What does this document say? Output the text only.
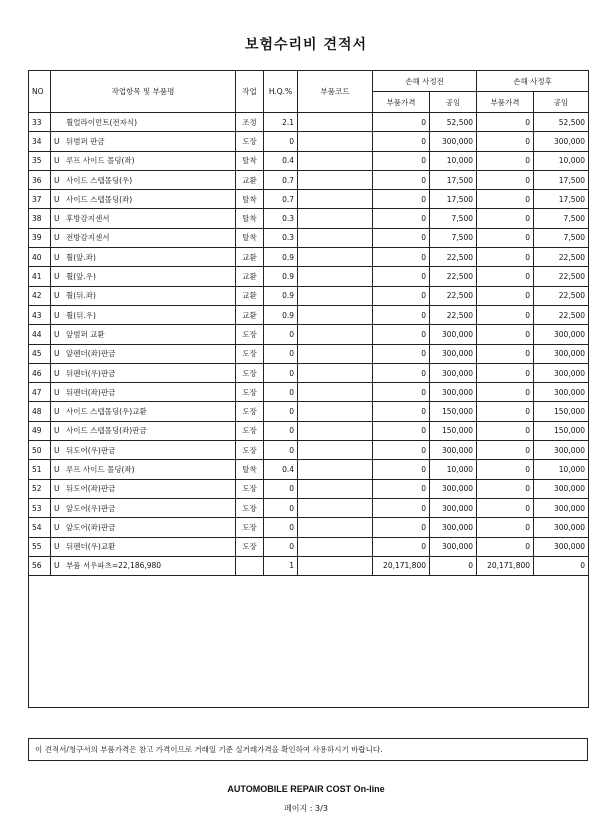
보험수리비 견적서
NO	작업항목 및 부품명	작업	H.Q.%	부품코드	손해 사정전		손해 사정후	
					부품가격	공임	부품가격	공임
33	휠얼라이먼트(전자식)	조정	2.1		0	52,500	0	52,500
34	U 뒤범퍼 판금	도장	0		0	300,000	0	300,000
35	U 루프 사이드 몰딩(좌)	탈착	0.4		0	10,000	0	10,000
36	U 사이드 스텝몰딩(우)	교환	0.7		0	17,500	0	17,500
37	U 사이드 스텝몰딩(좌)	탈착	0.7		0	17,500	0	17,500
38	U 후방감지센서	탈착	0.3		0	7,500	0	7,500
39	U 전방감지센서	탈착	0.3		0	7,500	0	7,500
40	U 휠(앞.좌)	교환	0.9		0	22,500	0	22,500
41	U 휠(앞.우)	교환	0.9		0	22,500	0	22,500
42	U 휠(뒤.좌)	교환	0.9		0	22,500	0	22,500
43	U 휠(뒤.우)	교환	0.9		0	22,500	0	22,500
44	U 앞범퍼 교환	도장	0		0	300,000	0	300,000
45	U 앞펜더(좌)판금	도장	0		0	300,000	0	300,000
46	U 뒤펜더(우)판금	도장	0		0	300,000	0	300,000
47	U 뒤펜더(좌)판금	도장	0		0	300,000	0	300,000
48	U 사이드 스텝몰딩(우)교환	도장	0		0	150,000	0	150,000
49	U 사이드 스텝몰딩(좌)판금	도장	0		0	150,000	0	150,000
50	U 뒤도어(우)판금	도장	0		0	300,000	0	300,000
51	U 루프 사이드 몰딩(좌)	탈착	0.4		0	10,000	0	10,000
52	U 뒤도어(좌)판금	도장	0		0	300,000	0	300,000
53	U 앞도어(우)판금	도장	0		0	300,000	0	300,000
54	U 앞도어(좌)판금	도장	0		0	300,000	0	300,000
55	U 뒤펜더(우)교환	도장	0		0	300,000	0	300,000
56	U 부품 서우파츠=22,186,980		1		20,171,800	0	20,171,800	0

이 견적서/청구서의 부품가격은 참고 가격이므로 거래일 기준 실거래가격을 확인하여 사용하시기 바랍니다.
AUTOMOBILE REPAIR COST On-line
페이지 : 3/3
